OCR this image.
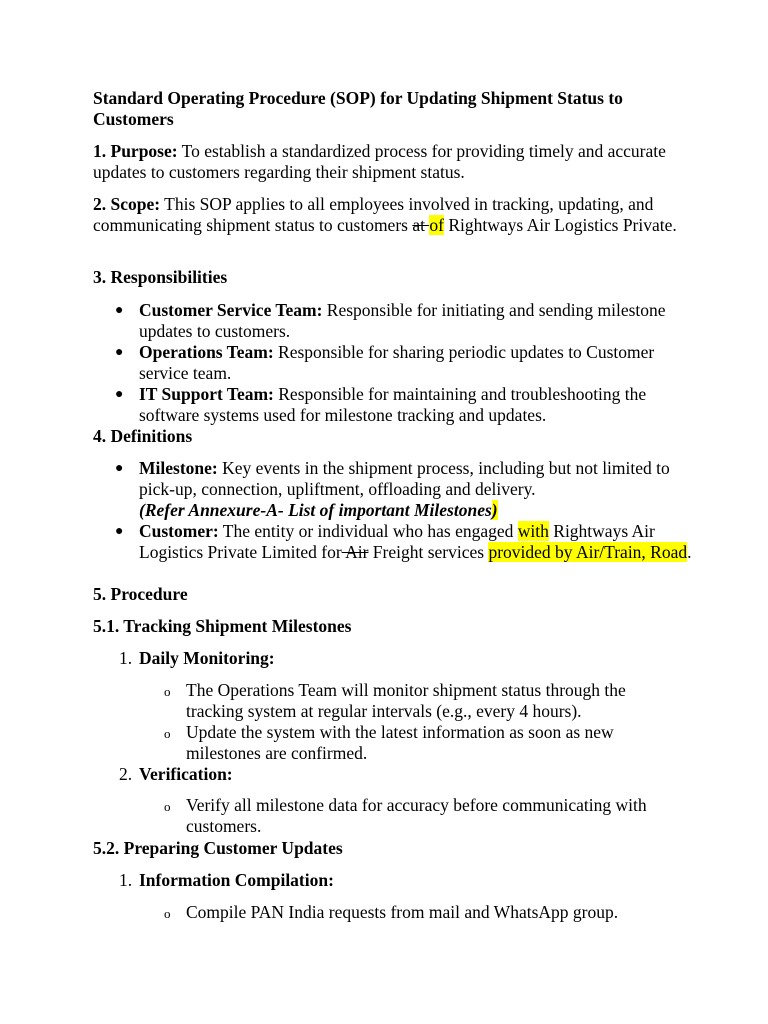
Standard Operating Procedure (SOP) for Updating Shipment Status to Customers

1. Purpose: To establish a standardized process for providing timely and accurate updates to customers regarding their shipment status.

2. Scope: This SOP applies to all employees involved in tracking, updating, and communicating shipment status to customers at of Rightways Air Logistics Private.

3. Responsibilities

● Customer Service Team: Responsible for initiating and sending milestone updates to customers.
● Operations Team: Responsible for sharing periodic updates to Customer service team.
● IT Support Team: Responsible for maintaining and troubleshooting the software systems used for milestone tracking and updates.

4. Definitions

● Milestone: Key events in the shipment process, including but not limited to pick-up, connection, upliftment, offloading and delivery.
(Refer Annexure-A- List of important Milestones)
● Customer: The entity or individual who has engaged with Rightways Air Logistics Private Limited for Air Freight services provided by Air/Train, Road.

5. Procedure

5.1. Tracking Shipment Milestones

1. Daily Monitoring:
o The Operations Team will monitor shipment status through the tracking system at regular intervals (e.g., every 4 hours).
o Update the system with the latest information as soon as new milestones are confirmed.
2. Verification:
o Verify all milestone data for accuracy before communicating with customers.

5.2. Preparing Customer Updates

1. Information Compilation:
o Compile PAN India requests from mail and WhatsApp group.
